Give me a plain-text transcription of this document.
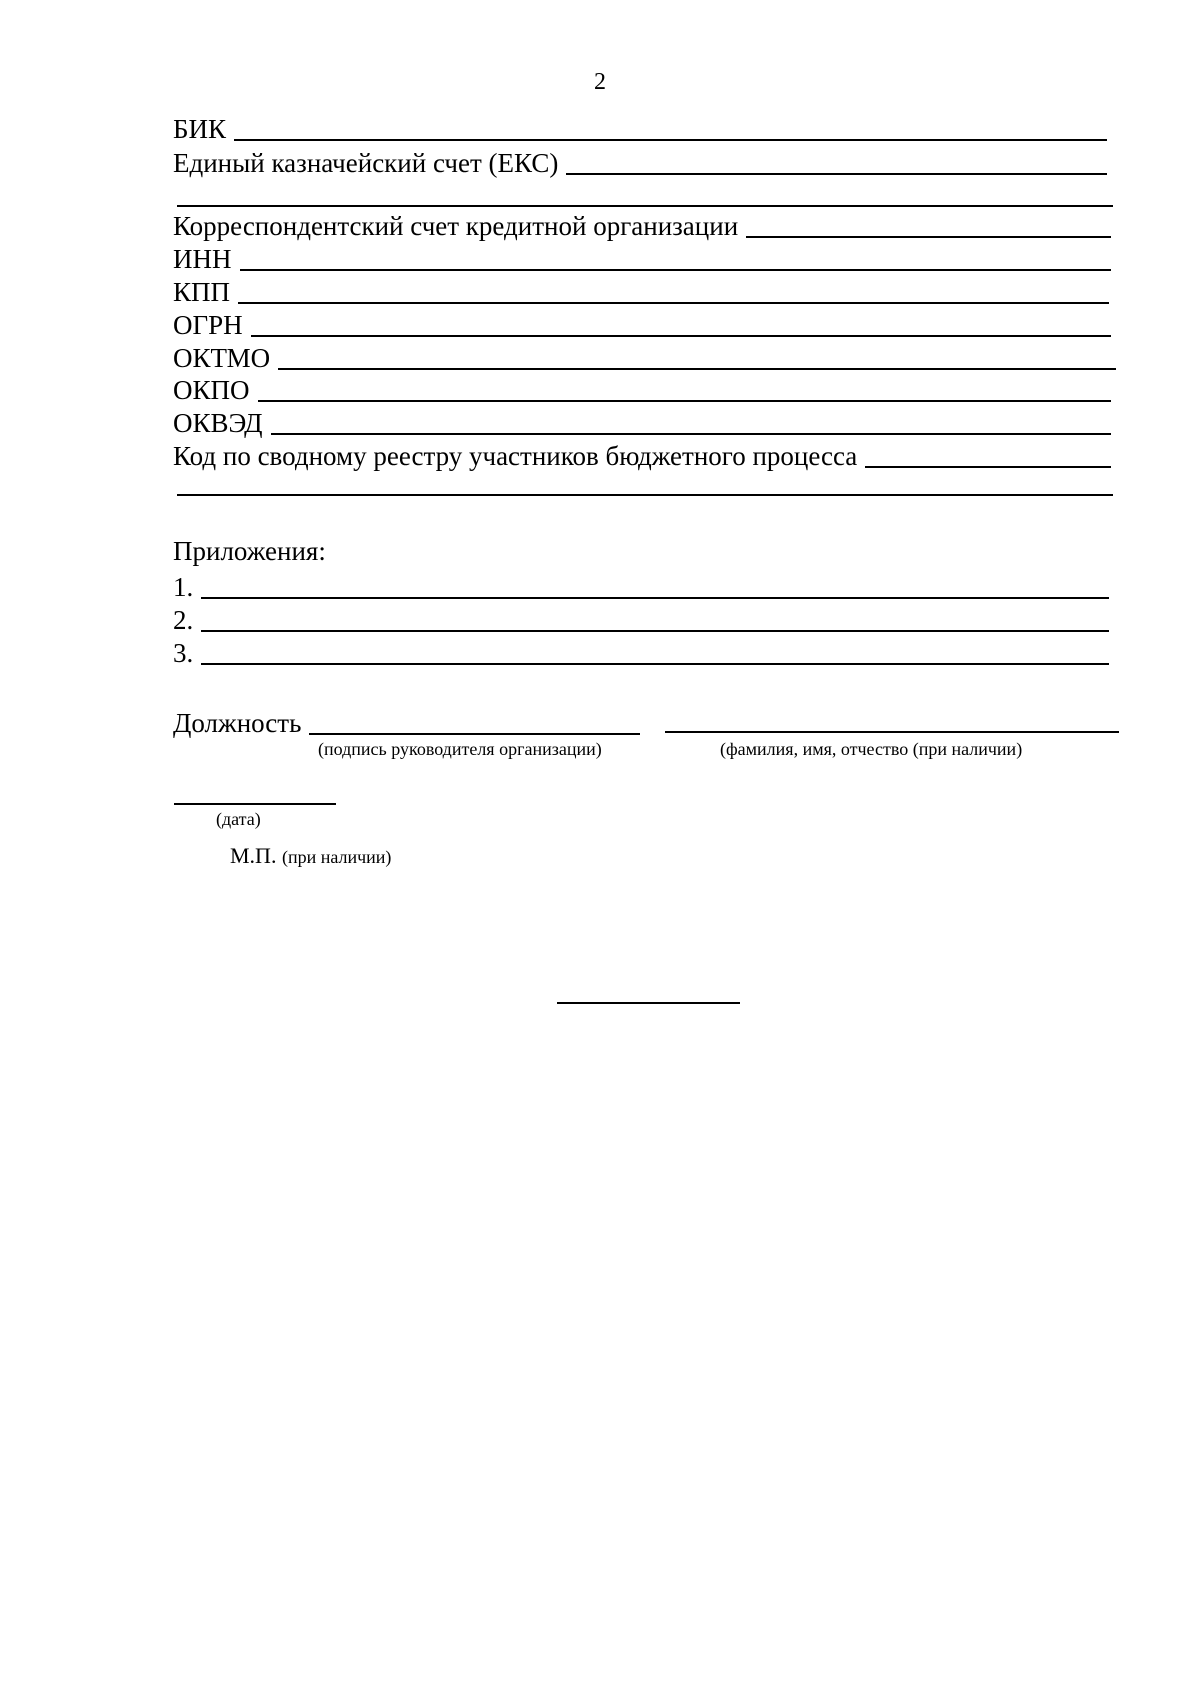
2
БИК
Единый казначейский счет (ЕКС)
Корреспондентский счет кредитной организации
ИНН
КПП
ОГРН
ОКТМО
ОКПО
ОКВЭД
Код по сводному реестру участников бюджетного процесса
Приложения:
1.
2.
3.
Должность
(подпись руководителя организации)	(фамилия, имя, отчество (при наличии)
(дата)
М.П. (при наличии)
